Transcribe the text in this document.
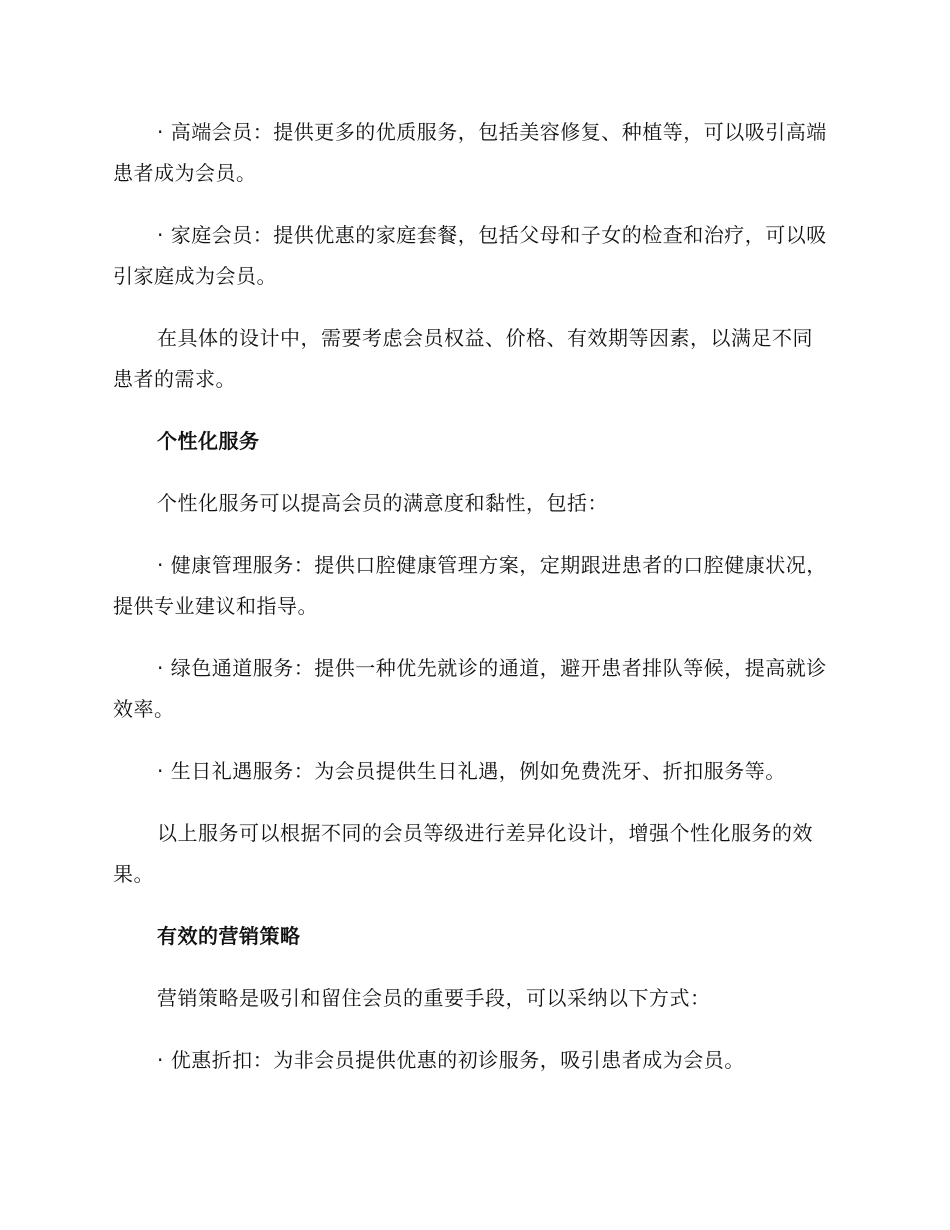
· 高端会员：提供更多的优质服务，包括美容修复、种植等，可以吸引高端患者成为会员。

· 家庭会员：提供优惠的家庭套餐，包括父母和子女的检查和治疗，可以吸引家庭成为会员。

在具体的设计中，需要考虑会员权益、价格、有效期等因素，以满足不同患者的需求。

个性化服务

个性化服务可以提高会员的满意度和黏性，包括：

· 健康管理服务：提供口腔健康管理方案，定期跟进患者的口腔健康状况，提供专业建议和指导。

· 绿色通道服务：提供一种优先就诊的通道，避开患者排队等候，提高就诊效率。

· 生日礼遇服务：为会员提供生日礼遇，例如免费洗牙、折扣服务等。

以上服务可以根据不同的会员等级进行差异化设计，增强个性化服务的效果。

有效的营销策略

营销策略是吸引和留住会员的重要手段，可以采纳以下方式：

· 优惠折扣：为非会员提供优惠的初诊服务，吸引患者成为会员。
